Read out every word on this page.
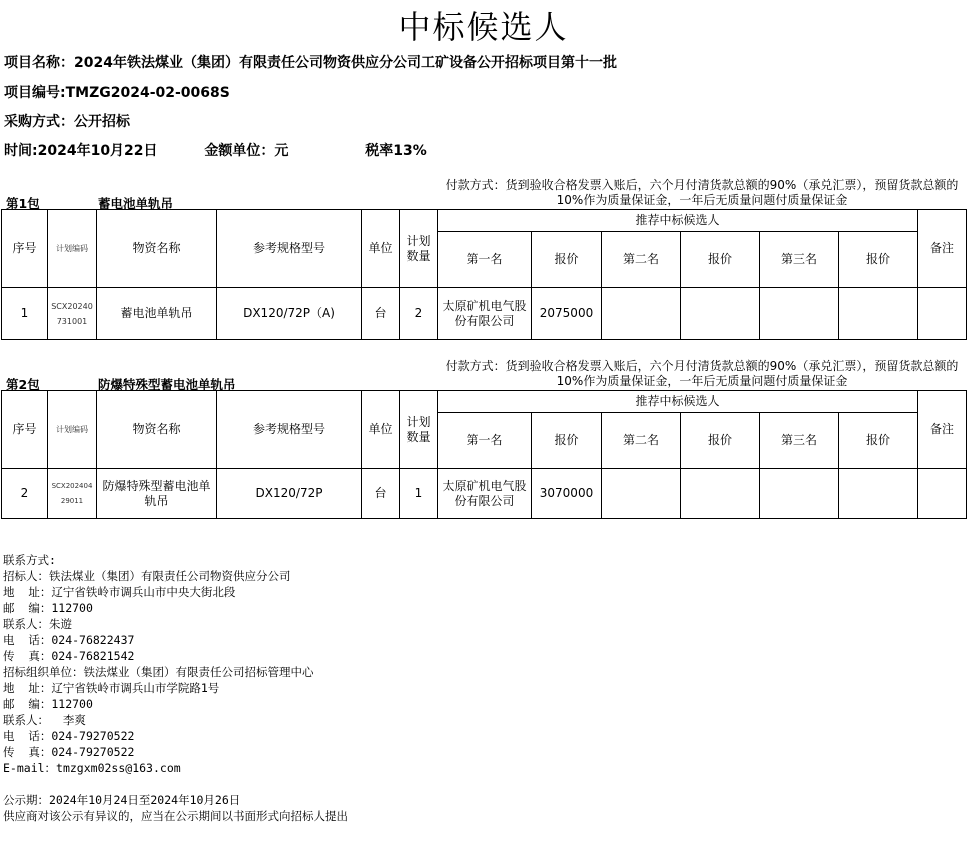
中标候选人
项目名称：2024年铁法煤业（集团）有限责任公司物资供应分公司工矿设备公开招标项目第十一批
项目编号:TMZG2024-02-0068S
采购方式：公开招标
时间:2024年10月22日	金额单位：元	税率13%
付款方式：货到验收合格发票入账后，六个月付清货款总额的90%（承兑汇票），预留货款总额的10%作为质量保证金，一年后无质量问题付质量保证金
第1包	蓄电池单轨吊
序号	计划编码	物资名称	参考规格型号	单位	计划数量	推荐中标候选人						备注
						第一名	报价	第二名	报价	第三名	报价	
1	SCX20240731001	蓄电池单轨吊	DX120/72P（A)	台	2	太原矿机电气股份有限公司	2075000					
付款方式：货到验收合格发票入账后，六个月付清货款总额的90%（承兑汇票），预留货款总额的10%作为质量保证金，一年后无质量问题付质量保证金
第2包	防爆特殊型蓄电池单轨吊
序号	计划编码	物资名称	参考规格型号	单位	计划数量	推荐中标候选人						备注
						第一名	报价	第二名	报价	第三名	报价	
2	SCX20240429011	防爆特殊型蓄电池单轨吊	DX120/72P	台	1	太原矿机电气股份有限公司	3070000					
联系方式:
招标人：铁法煤业（集团）有限责任公司物资供应分公司
地  址：辽宁省铁岭市调兵山市中央大街北段
邮  编：112700
联系人：朱遊
电  话：024-76822437
传  真：024-76821542
招标组织单位：铁法煤业（集团）有限责任公司招标管理中心
地  址：辽宁省铁岭市调兵山市学院路1号
邮  编：112700
联系人：  李爽
电  话：024-79270522
传  真：024-79270522
E-mail：tmzgxm02ss@163.com
公示期：2024年10月24日至2024年10月26日
供应商对该公示有异议的，应当在公示期间以书面形式向招标人提出
